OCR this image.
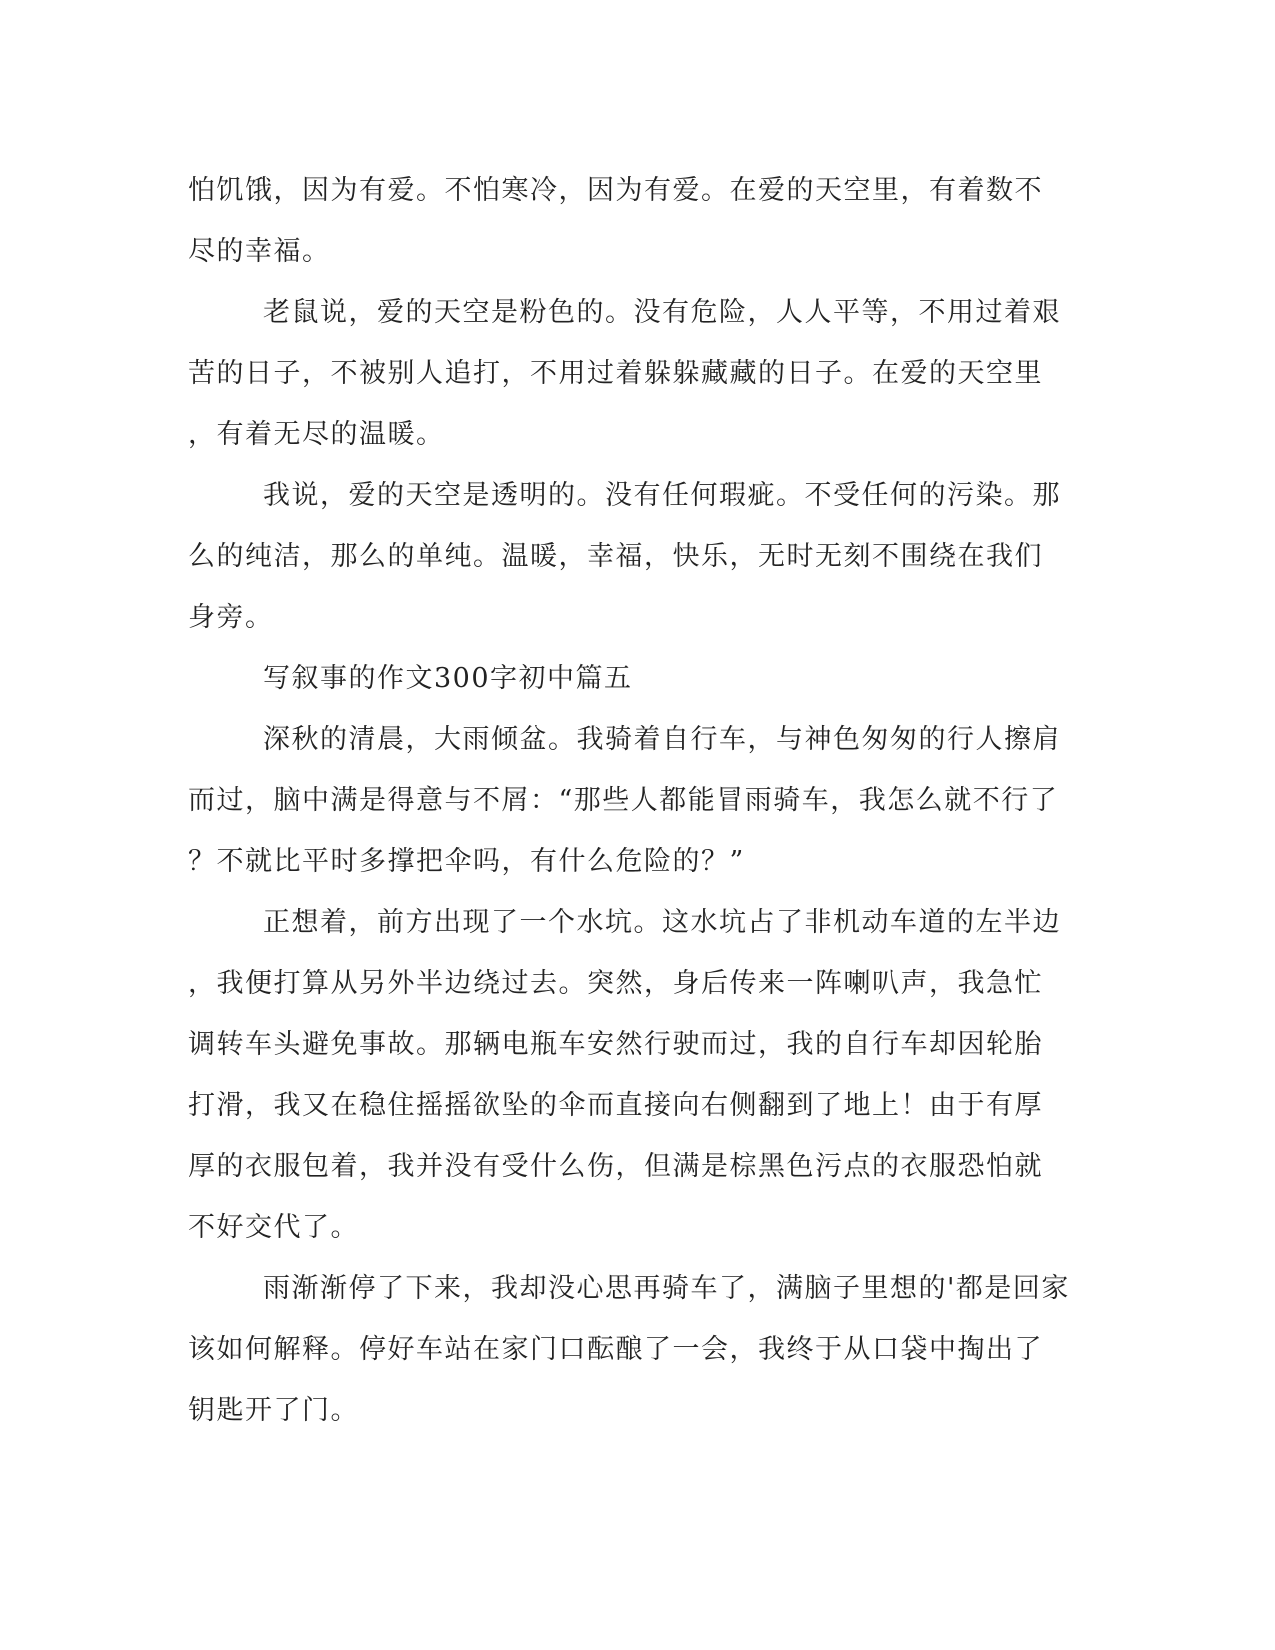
怕饥饿，因为有爱。不怕寒冷，因为有爱。在爱的天空里，有着数不
尽的幸福。
老鼠说，爱的天空是粉色的。没有危险，人人平等，不用过着艰
苦的日子，不被别人追打，不用过着躲躲藏藏的日子。在爱的天空里
，有着无尽的温暖。
我说，爱的天空是透明的。没有任何瑕疵。不受任何的污染。那
么的纯洁，那么的单纯。温暖，幸福，快乐，无时无刻不围绕在我们
身旁。
写叙事的作文300字初中篇五
深秋的清晨，大雨倾盆。我骑着自行车，与神色匆匆的行人擦肩
而过，脑中满是得意与不屑：“那些人都能冒雨骑车，我怎么就不行了
？不就比平时多撑把伞吗，有什么危险的？”
正想着，前方出现了一个水坑。这水坑占了非机动车道的左半边
，我便打算从另外半边绕过去。突然，身后传来一阵喇叭声，我急忙
调转车头避免事故。那辆电瓶车安然行驶而过，我的自行车却因轮胎
打滑，我又在稳住摇摇欲坠的伞而直接向右侧翻到了地上！由于有厚
厚的衣服包着，我并没有受什么伤，但满是棕黑色污点的衣服恐怕就
不好交代了。
雨渐渐停了下来，我却没心思再骑车了，满脑子里想的'都是回家
该如何解释。停好车站在家门口酝酿了一会，我终于从口袋中掏出了
钥匙开了门。
